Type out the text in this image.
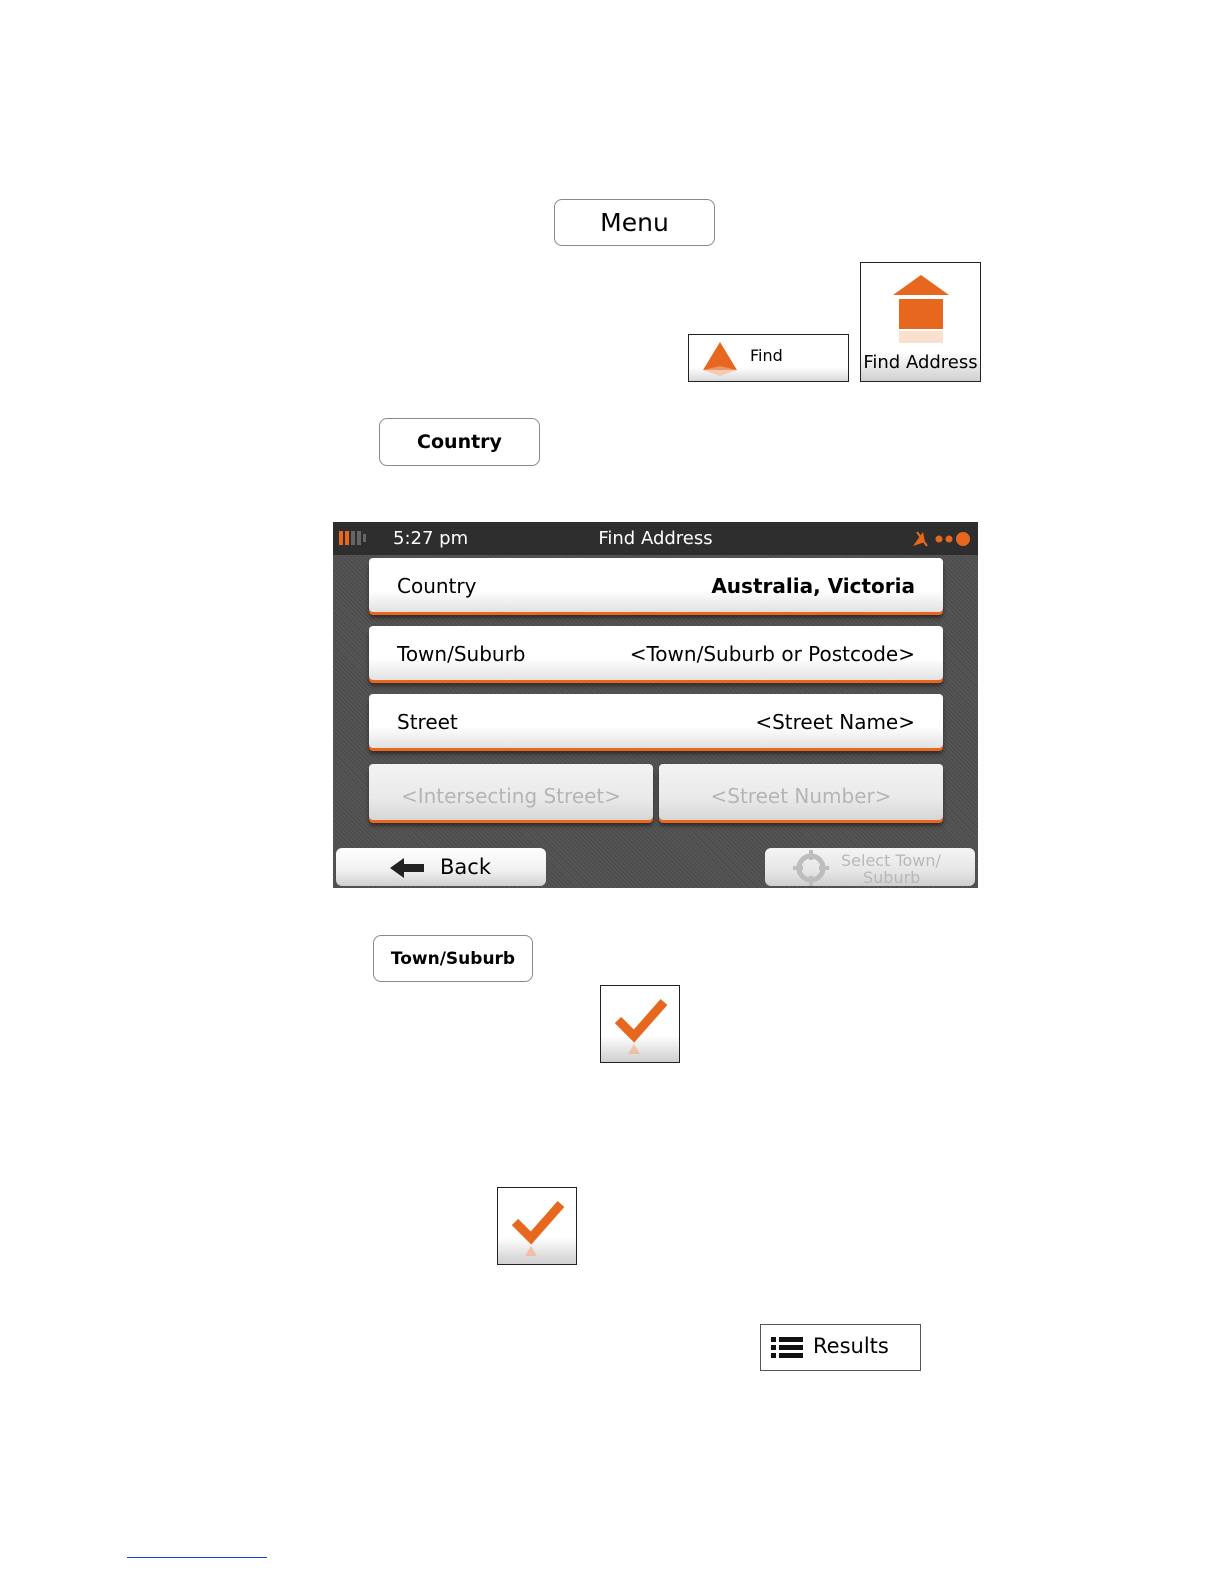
Menu
Find	Find Address
Country
5:27 pm	Find Address
Country	Australia, Victoria
Town/Suburb	<Town/Suburb or Postcode>
Street	<Street Name>
<Intersecting Street>	<Street Number>
Back	Select Town/
Suburb
Town/Suburb
Results
